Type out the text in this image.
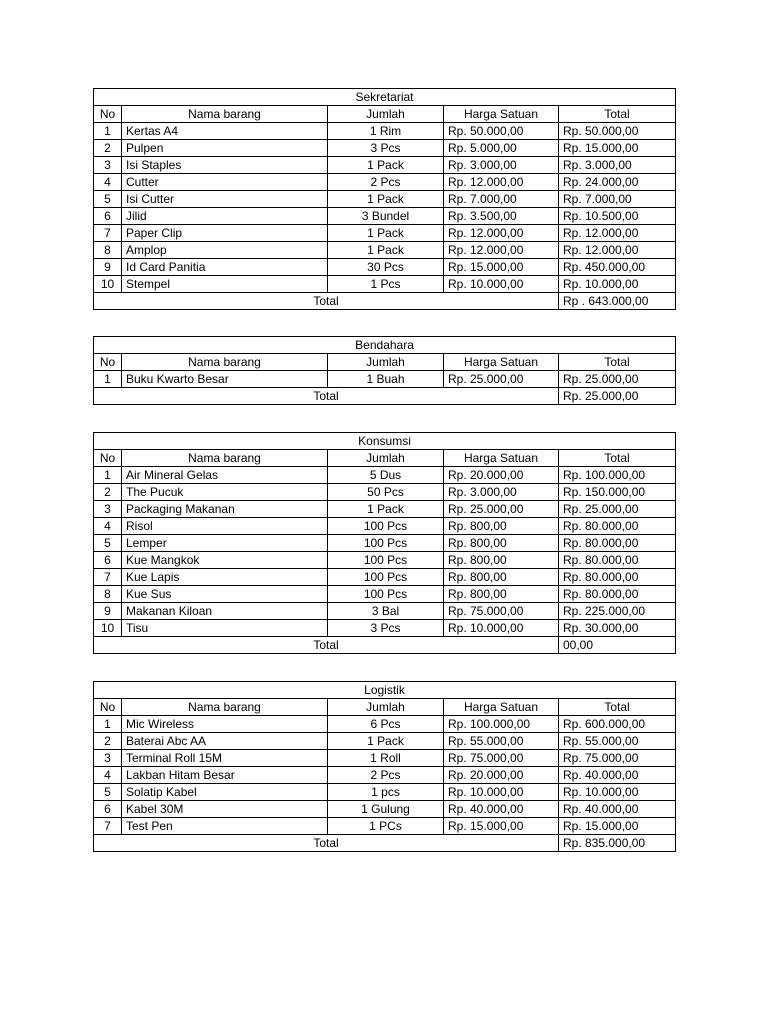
Sekretariat				
No	Nama barang	Jumlah	Harga Satuan	Total
1	Kertas A4	1 Rim	Rp. 50.000,00	Rp. 50.000,00
2	Pulpen	3 Pcs	Rp. 5.000,00	Rp. 15.000,00
3	Isi Staples	1 Pack	Rp. 3.000,00	Rp. 3.000,00
4	Cutter	2 Pcs	Rp. 12.000,00	Rp. 24.000,00
5	Isi Cutter	1 Pack	Rp. 7.000,00	Rp. 7.000,00
6	Jilid	3 Bundel	Rp. 3.500,00	Rp. 10.500,00
7	Paper Clip	1 Pack	Rp. 12.000,00	Rp. 12.000,00
8	Amplop	1 Pack	Rp. 12.000,00	Rp. 12.000,00
9	Id Card Panitia	30 Pcs	Rp. 15.000,00	Rp. 450.000,00
10	Stempel	1 Pcs	Rp. 10.000,00	Rp. 10.000,00
Total				Rp . 643.000,00
Bendahara				
No	Nama barang	Jumlah	Harga Satuan	Total
1	Buku Kwarto Besar	1 Buah	Rp. 25.000,00	Rp. 25.000,00
Total				Rp. 25.000,00
Konsumsi				
No	Nama barang	Jumlah	Harga Satuan	Total
1	Air Mineral Gelas	5 Dus	Rp. 20.000,00	Rp. 100.000,00
2	The Pucuk	50 Pcs	Rp. 3.000,00	Rp. 150.000,00
3	Packaging Makanan	1 Pack	Rp. 25.000,00	Rp. 25.000,00
4	Risol	100 Pcs	Rp. 800,00	Rp. 80.000,00
5	Lemper	100 Pcs	Rp. 800,00	Rp. 80.000,00
6	Kue Mangkok	100 Pcs	Rp. 800,00	Rp. 80.000,00
7	Kue Lapis	100 Pcs	Rp. 800,00	Rp. 80.000,00
8	Kue Sus	100 Pcs	Rp. 800,00	Rp. 80.000,00
9	Makanan Kiloan	3 Bal	Rp. 75.000,00	Rp. 225.000,00
10	Tisu	3 Pcs	Rp. 10.000,00	Rp. 30.000,00
Total				00,00
Logistik				
No	Nama barang	Jumlah	Harga Satuan	Total
1	Mic Wireless	6 Pcs	Rp. 100.000,00	Rp. 600.000,00
2	Baterai Abc AA	1 Pack	Rp. 55.000,00	Rp. 55.000,00
3	Terminal Roll 15M	1 Roll	Rp. 75.000,00	Rp. 75.000,00
4	Lakban Hitam Besar	2 Pcs	Rp. 20.000,00	Rp. 40.000,00
5	Solatip Kabel	1 pcs	Rp. 10.000,00	Rp. 10.000,00
6	Kabel 30M	1 Gulung	Rp. 40.000,00	Rp. 40.000,00
7	Test Pen	1 PCs	Rp. 15.000,00	Rp. 15.000,00
Total				Rp. 835.000,00
